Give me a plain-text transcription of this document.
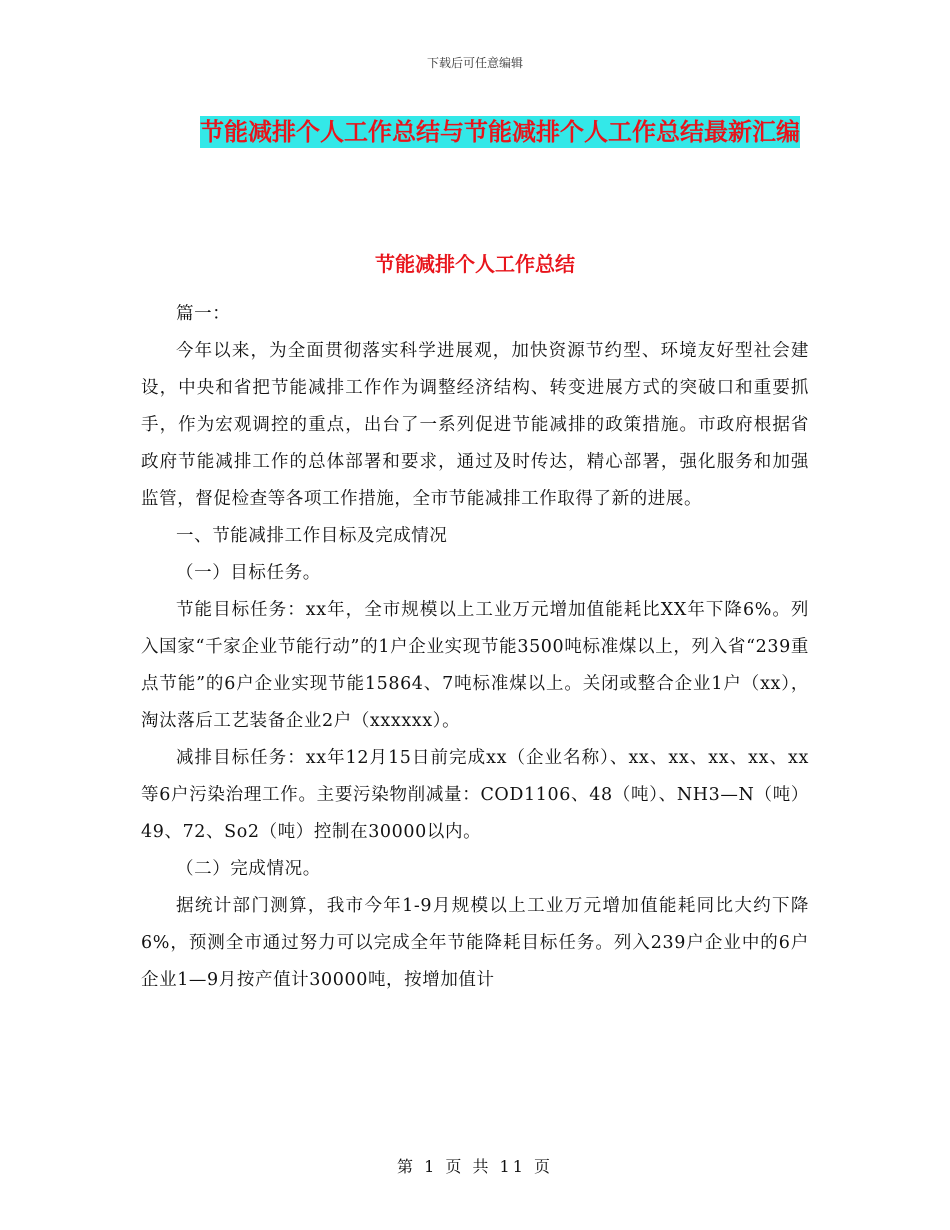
下载后可任意编辑
节能减排个人工作总结与节能减排个人工作总结最新汇编
节能减排个人工作总结

篇一：

今年以来，为全面贯彻落实科学进展观，加快资源节约型、环境友好型社会建设，中央和省把节能减排工作作为调整经济结构、转变进展方式的突破口和重要抓手，作为宏观调控的重点，出台了一系列促进节能减排的政策措施。市政府根据省政府节能减排工作的总体部署和要求，通过及时传达，精心部署，强化服务和加强监管，督促检查等各项工作措施，全市节能减排工作取得了新的进展。

一、节能减排工作目标及完成情况

（一）目标任务。

节能目标任务：xx年，全市规模以上工业万元增加值能耗比XX年下降6%。列入国家“千家企业节能行动”的1户企业实现节能3500吨标准煤以上，列入省“239重点节能”的6户企业实现节能15864、7吨标准煤以上。关闭或整合企业1户（xx），淘汰落后工艺装备企业2户（xxxxxx）。

减排目标任务：xx年12月15日前完成xx（企业名称）、xx、xx、xx、xx、xx等6户污染治理工作。主要污染物削减量：COD1106、48（吨）、NH3—N（吨）49、72、So2（吨）控制在30000以内。

（二）完成情况。

据统计部门测算，我市今年1-9月规模以上工业万元增加值能耗同比大约下降6%，预测全市通过努力可以完成全年节能降耗目标任务。列入239户企业中的6户企业1—9月按产值计30000吨，按增加值计

第 1 页 共 11 页
